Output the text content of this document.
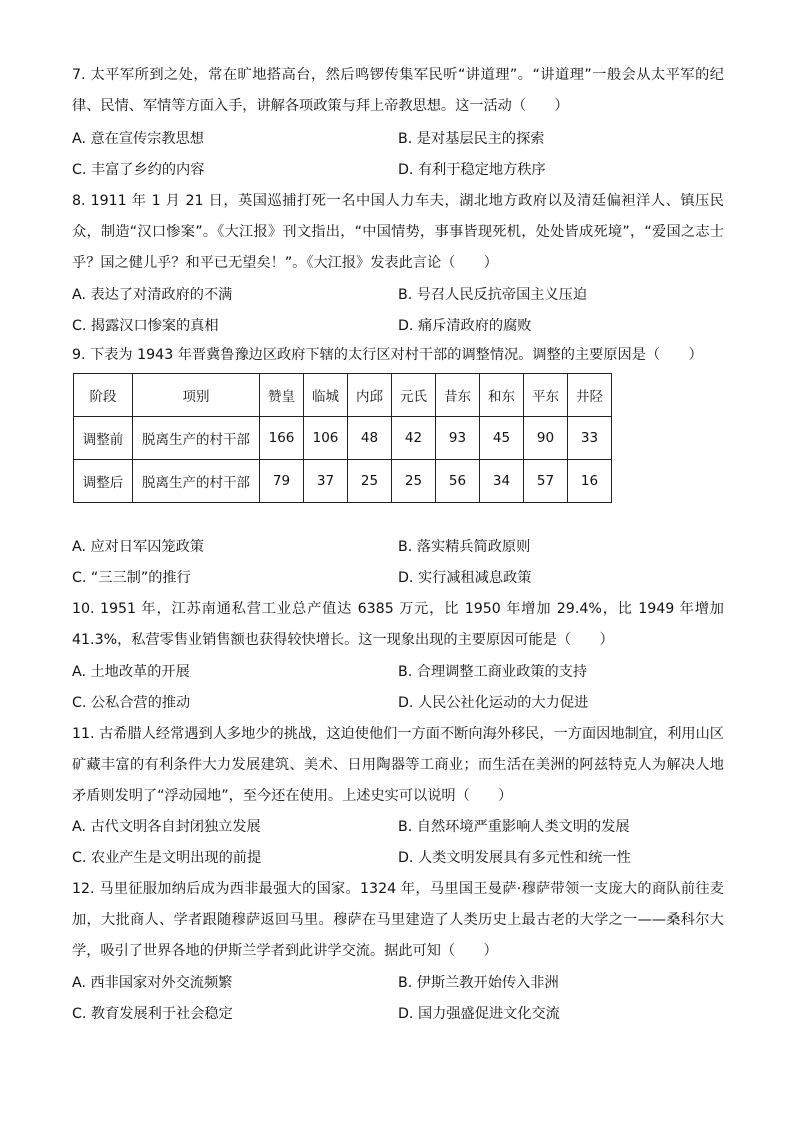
7. 太平军所到之处，常在旷地搭高台，然后鸣锣传集军民听“讲道理”。“讲道理”一般会从太平军的纪律、民情、军情等方面入手，讲解各项政策与拜上帝教思想。这一活动（　　）

A. 意在宣传宗教思想	B. 是对基层民主的探索
C. 丰富了乡约的内容	D. 有利于稳定地方秩序

8. 1911 年 1 月 21 日，英国巡捕打死一名中国人力车夫，湖北地方政府以及清廷偏袒洋人、镇压民众，制造“汉口惨案”。《大江报》刊文指出，“中国情势，事事皆现死机，处处皆成死境”，“爱国之志士乎？国之健儿乎？和平已无望矣！”。《大江报》发表此言论（　　）

A. 表达了对清政府的不满	B. 号召人民反抗帝国主义压迫
C. 揭露汉口惨案的真相	D. 痛斥清政府的腐败

9. 下表为 1943 年晋冀鲁豫边区政府下辖的太行区对村干部的调整情况。调整的主要原因是（　　）

阶段	项别	赞皇	临城	内邱	元氏	昔东	和东	平东	井陉
调整前	脱离生产的村干部	166	106	48	42	93	45	90	33
调整后	脱离生产的村干部	79	37	25	25	56	34	57	16
A. 应对日军囚笼政策	B. 落实精兵简政原则
C. “三三制”的推行	D. 实行减租减息政策

10. 1951 年，江苏南通私营工业总产值达 6385 万元，比 1950 年增加 29.4%，比 1949 年增加 41.3%，私营零售业销售额也获得较快增长。这一现象出现的主要原因可能是（　　）

A. 土地改革的开展	B. 合理调整工商业政策的支持
C. 公私合营的推动	D. 人民公社化运动的大力促进

11. 古希腊人经常遇到人多地少的挑战，这迫使他们一方面不断向海外移民，一方面因地制宜，利用山区矿藏丰富的有利条件大力发展建筑、美术、日用陶器等工商业；而生活在美洲的阿兹特克人为解决人地矛盾则发明了“浮动园地”，至今还在使用。上述史实可以说明（　　）

A. 古代文明各自封闭独立发展	B. 自然环境严重影响人类文明的发展
C. 农业产生是文明出现的前提	D. 人类文明发展具有多元性和统一性

12. 马里征服加纳后成为西非最强大的国家。1324 年，马里国王曼萨·穆萨带领一支庞大的商队前往麦加，大批商人、学者跟随穆萨返回马里。穆萨在马里建造了人类历史上最古老的大学之一——桑科尔大学，吸引了世界各地的伊斯兰学者到此讲学交流。据此可知（　　）

A. 西非国家对外交流频繁	B. 伊斯兰教开始传入非洲
C. 教育发展利于社会稳定	D. 国力强盛促进文化交流
